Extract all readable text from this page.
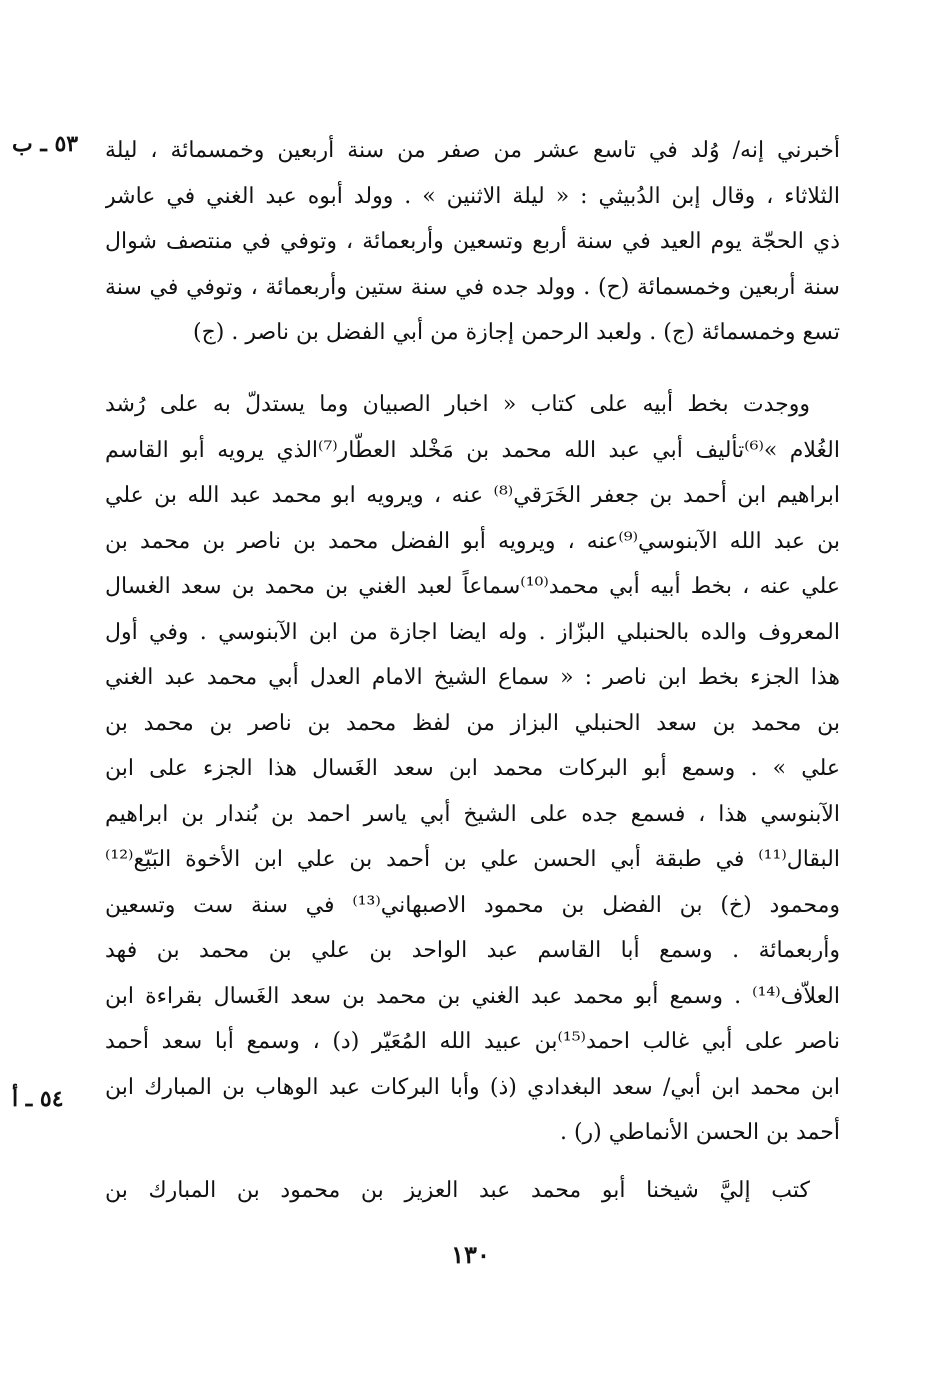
٥٣ ـ ب	أخبرني إنه/ وُلد في تاسع عشر من صفر من سنة أربعين وخمسمائة ، ليلة
الثلاثاء ، وقال إبن الدُبيثي : « ليلة الاثنين » . وولد أبوه عبد الغني في عاشر
ذي الحجّة يوم العيد في سنة أربع وتسعين وأربعمائة ، وتوفي في منتصف شوال
سنة أربعين وخمسمائة (ح) . وولد جده في سنة ستين وأربعمائة ، وتوفي في سنة
تسع وخمسمائة (ج) . ولعبد الرحمن إجازة من أبي الفضل بن ناصر . (ج)
ووجدت بخط أبيه على كتاب « اخبار الصبيان وما يستدلّ به على رُشد
الغُلام »⁽⁶⁾تأليف أبي عبد الله محمد بن مَخْلد العطّار⁽⁷⁾الذي يرويه أبو القاسم
ابراهيم ابن أحمد بن جعفر الخَرَقي⁽⁸⁾ عنه ، ويرويه ابو محمد عبد الله بن علي
بن عبد الله الآبنوسي⁽⁹⁾عنه ، ويرويه أبو الفضل محمد بن ناصر بن محمد بن
علي عنه ، بخط أبيه أبي محمد⁽¹⁰⁾سماعاً لعبد الغني بن محمد بن سعد الغسال
المعروف والده بالحنبلي البزّاز . وله ايضا اجازة من ابن الآبنوسي . وفي أول
هذا الجزء بخط ابن ناصر : « سماع الشيخ الامام العدل أبي محمد عبد الغني
بن محمد بن سعد الحنبلي البزاز من لفظ محمد بن ناصر بن محمد بن
علي » . وسمع أبو البركات محمد ابن سعد الغَسال هذا الجزء على ابن
الآبنوسي هذا ، فسمع جده على الشيخ أبي ياسر احمد بن بُندار بن ابراهيم
البقال⁽¹¹⁾ في طبقة أبي الحسن علي بن أحمد بن علي ابن الأخوة البَيّع⁽¹²⁾
ومحمود (خ) بن الفضل بن محمود الاصبهاني⁽¹³⁾ في سنة ست وتسعين
وأربعمائة . وسمع أبا القاسم عبد الواحد بن علي بن محمد بن فهد
العلاّف⁽¹⁴⁾ . وسمع أبو محمد عبد الغني بن محمد بن سعد الغَسال بقراءة ابن
ناصر على أبي غالب احمد⁽¹⁵⁾بن عبيد الله المُعَيّر (د) ، وسمع أبا سعد أحمد
ابن محمد ابن أبي/ سعد البغدادي (ذ) وأبا البركات عبد الوهاب بن المبارك ابن
أحمد بن الحسن الأنماطي (ر) .
٥٤ ـ أ
كتب إليَّ شيخنا أبو محمد عبد العزيز بن محمود بن المبارك بن
١٣٠
